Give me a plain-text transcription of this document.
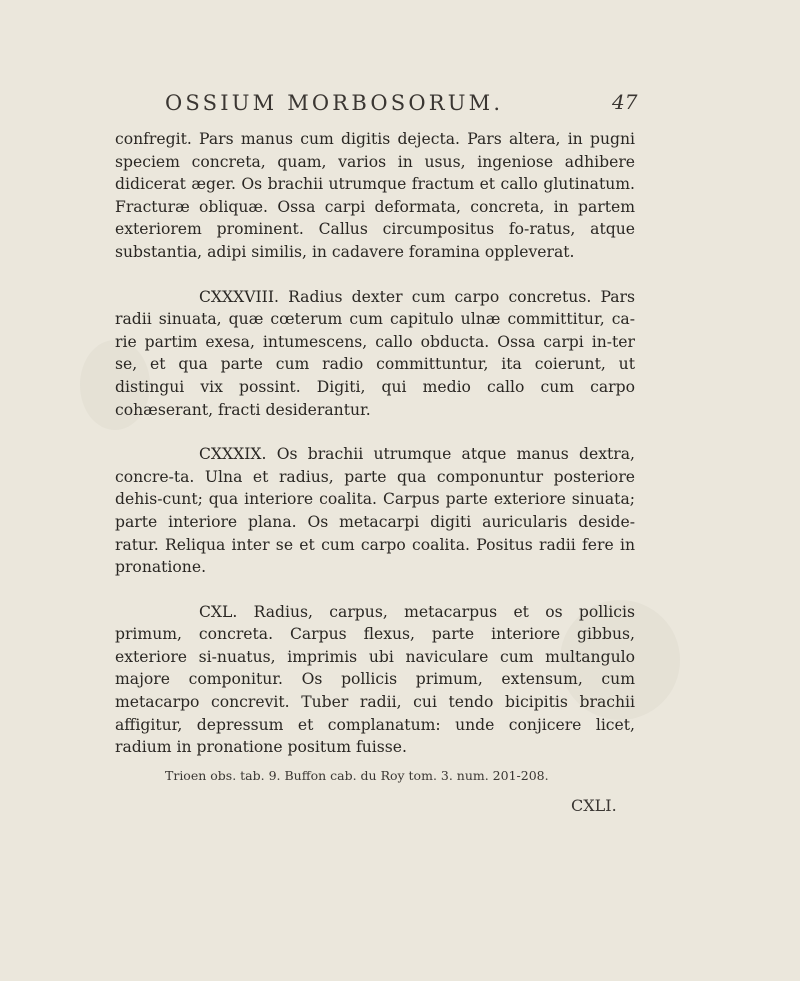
OSSIUM MORBOSORUM.	47

confregit. Pars manus cum digitis dejecta. Pars altera, in pugni speciem concreta, quam, varios in usus, ingeniose adhibere didicerat æger. Os brachii utrumque fractum et callo glutinatum. Fracturæ obliquæ. Ossa carpi deformata, concreta, in partem exteriorem prominent. Callus circumpositus fo-ratus, atque substantia, adipi similis, in cadavere foramina oppleverat.

CXXXVIII. Radius dexter cum carpo concretus. Pars radii sinuata, quæ cœterum cum capitulo ulnæ committitur, ca-rie partim exesa, intumescens, callo obducta. Ossa carpi in-ter se, et qua parte cum radio committuntur, ita coierunt, ut distingui vix possint. Digiti, qui medio callo cum carpo cohæserant, fracti desiderantur.

CXXXIX. Os brachii utrumque atque manus dextra, concre-ta. Ulna et radius, parte qua componuntur posteriore dehis-cunt; qua interiore coalita. Carpus parte exteriore sinuata; parte interiore plana. Os metacarpi digiti auricularis deside-ratur. Reliqua inter se et cum carpo coalita. Positus radii fere in pronatione.

CXL. Radius, carpus, metacarpus et os pollicis primum, concreta. Carpus flexus, parte interiore gibbus, exteriore si-nuatus, imprimis ubi naviculare cum multangulo majore componitur. Os pollicis primum, extensum, cum metacarpo concrevit. Tuber radii, cui tendo bicipitis brachii affigitur, depressum et complanatum: unde conjicere licet, radium in pronatione positum fuisse.

Trioen obs. tab. 9. Buffon cab. du Roy tom. 3. num. 201-208.

CXLI.
